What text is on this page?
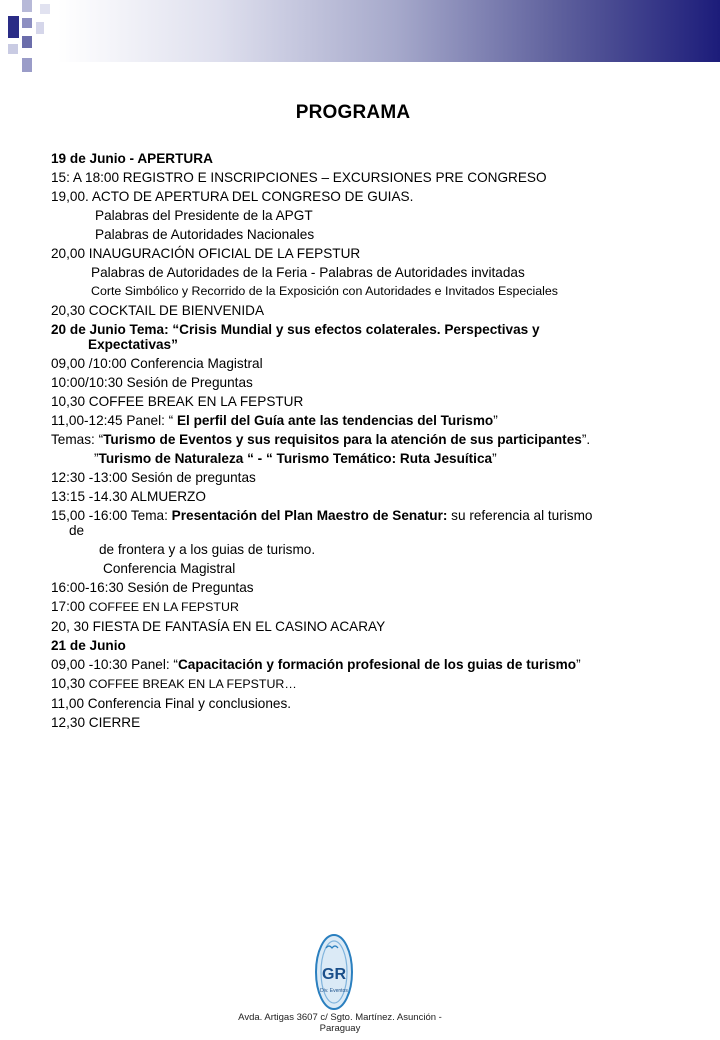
PROGRAMA
19 de Junio - APERTURA
15: A 18:00 REGISTRO E INSCRIPCIONES – EXCURSIONES PRE CONGRESO
19,00. ACTO DE APERTURA DEL CONGRESO DE GUIAS.
Palabras del Presidente de la APGT
Palabras de Autoridades Nacionales
20,00 INAUGURACIÓN OFICIAL DE LA FEPSTUR
Palabras de Autoridades de la Feria - Palabras de Autoridades invitadas
Corte Simbólico y Recorrido de la Exposición con Autoridades e Invitados Especiales
20,30 COCKTAIL DE BIENVENIDA
20 de Junio Tema: “Crisis Mundial y sus efectos colaterales. Perspectivas y
Expectativas”
09,00 /10:00 Conferencia Magistral
10:00/10:30 Sesión de Preguntas
10,30 COFFEE BREAK EN LA FEPSTUR
11,00-12:45 Panel: “ El perfil del Guía ante las tendencias del Turismo”
Temas: “Turismo de Eventos y sus requisitos para la atención de sus participantes”.
”Turismo de Naturaleza “ - “ Turismo Temático: Ruta Jesuítica”
12:30 -13:00 Sesión de preguntas
13:15 -14.30 ALMUERZO
15,00 -16:00 Tema: Presentación del Plan Maestro de Senatur: su referencia al turismo
de
de frontera y a los guias de turismo.
Conferencia Magistral
16:00-16:30 Sesión de Preguntas
17:00 COFFEE EN LA FEPSTUR
20, 30 FIESTA DE FANTASÍA EN EL CASINO ACARAY
21 de Junio
09,00 -10:30 Panel: “Capacitación y formación profesional de los guias de turismo”
10,30 COFFEE BREAK EN LA FEPSTUR…
11,00 Conferencia Final y conclusiones.
12,30 CIERRE
GR
Div. Eventos
Avda. Artigas 3607 c/ Sgto. Martínez. Asunción - Paraguay
